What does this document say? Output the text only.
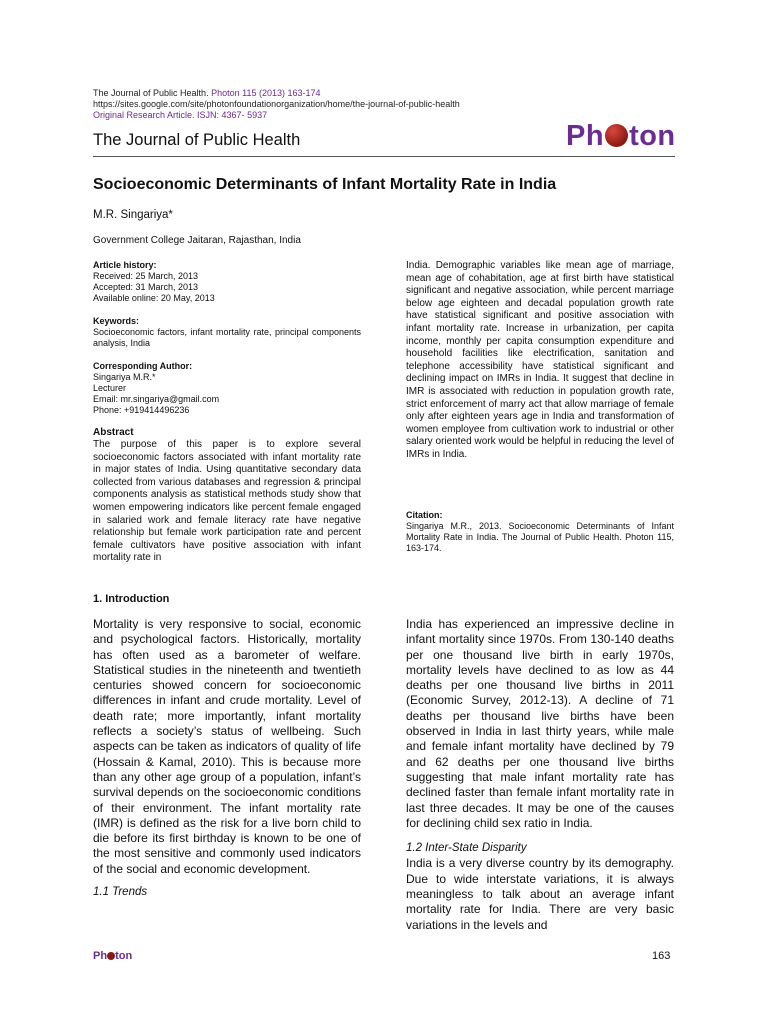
The Journal of Public Health. Photon 115 (2013) 163-174
https://sites.google.com/site/photonfoundationorganization/home/the-journal-of-public-health
Original Research Article. ISJN: 4367- 5937
The Journal of Public Health	Ph ton
Socioeconomic Determinants of Infant Mortality Rate in India
M.R. Singariya*
Government College Jaitaran, Rajasthan, India
Article history:
Received: 25 March, 2013
Accepted: 31 March, 2013
Available online: 20 May, 2013
Keywords:
Socioeconomic factors, infant mortality rate, principal components analysis, India
Corresponding Author:
Singariya M.R.*
Lecturer
Email: mr.singariya@gmail.com
Phone: +919414496236
Abstract
The purpose of this paper is to explore several socioeconomic factors associated with infant mortality rate in major states of India. Using quantitative secondary data collected from various databases and regression & principal components analysis as statistical methods study show that women empowering indicators like percent female engaged in salaried work and female literacy rate have negative relationship but female work participation rate and percent female cultivators have positive association with infant mortality rate in
India. Demographic variables like mean age of marriage, mean age of cohabitation, age at first birth have statistical significant and negative association, while percent marriage below age eighteen and decadal population growth rate have statistical significant and positive association with infant mortality rate. Increase in urbanization, per capita income, monthly per capita consumption expenditure and household facilities like electrification, sanitation and telephone accessibility have statistical significant and declining impact on IMRs in India. It suggest that decline in IMR is associated with reduction in population growth rate, strict enforcement of marry act that allow marriage of female only after eighteen years age in India and transformation of women employee from cultivation work to industrial or other salary oriented work would be helpful in reducing the level of IMRs in India.
Citation:
Singariya M.R., 2013. Socioeconomic Determinants of Infant Mortality Rate in India. The Journal of Public Health. Photon 115, 163-174.
1. Introduction
Mortality is very responsive to social, economic and psychological factors. Historically, mortality has often used as a barometer of welfare. Statistical studies in the nineteenth and twentieth centuries showed concern for socioeconomic differences in infant and crude mortality. Level of death rate; more importantly, infant mortality reflects a society’s status of wellbeing. Such aspects can be taken as indicators of quality of life (Hossain & Kamal, 2010). This is because more than any other age group of a population, infant’s survival depends on the socioeconomic conditions of their environment. The infant mortality rate (IMR) is defined as the risk for a live born child to die before its first birthday is known to be one of the most sensitive and commonly used indicators of the social and economic development.
1.1 Trends
India has experienced an impressive decline in infant mortality since 1970s. From 130-140 deaths per one thousand live birth in early 1970s, mortality levels have declined to as low as 44 deaths per one thousand live births in 2011 (Economic Survey, 2012-13). A decline of 71 deaths per thousand live births have been observed in India in last thirty years, while male and female infant mortality have declined by 79 and 62 deaths per one thousand live births suggesting that male infant mortality rate has declined faster than female infant mortality rate in last three decades. It may be one of the causes for declining child sex ratio in India.
1.2 Inter-State Disparity
India is a very diverse country by its demography. Due to wide interstate variations, it is always meaningless to talk about an average infant mortality rate for India. There are very basic variations in the levels and
Ph ton	163
